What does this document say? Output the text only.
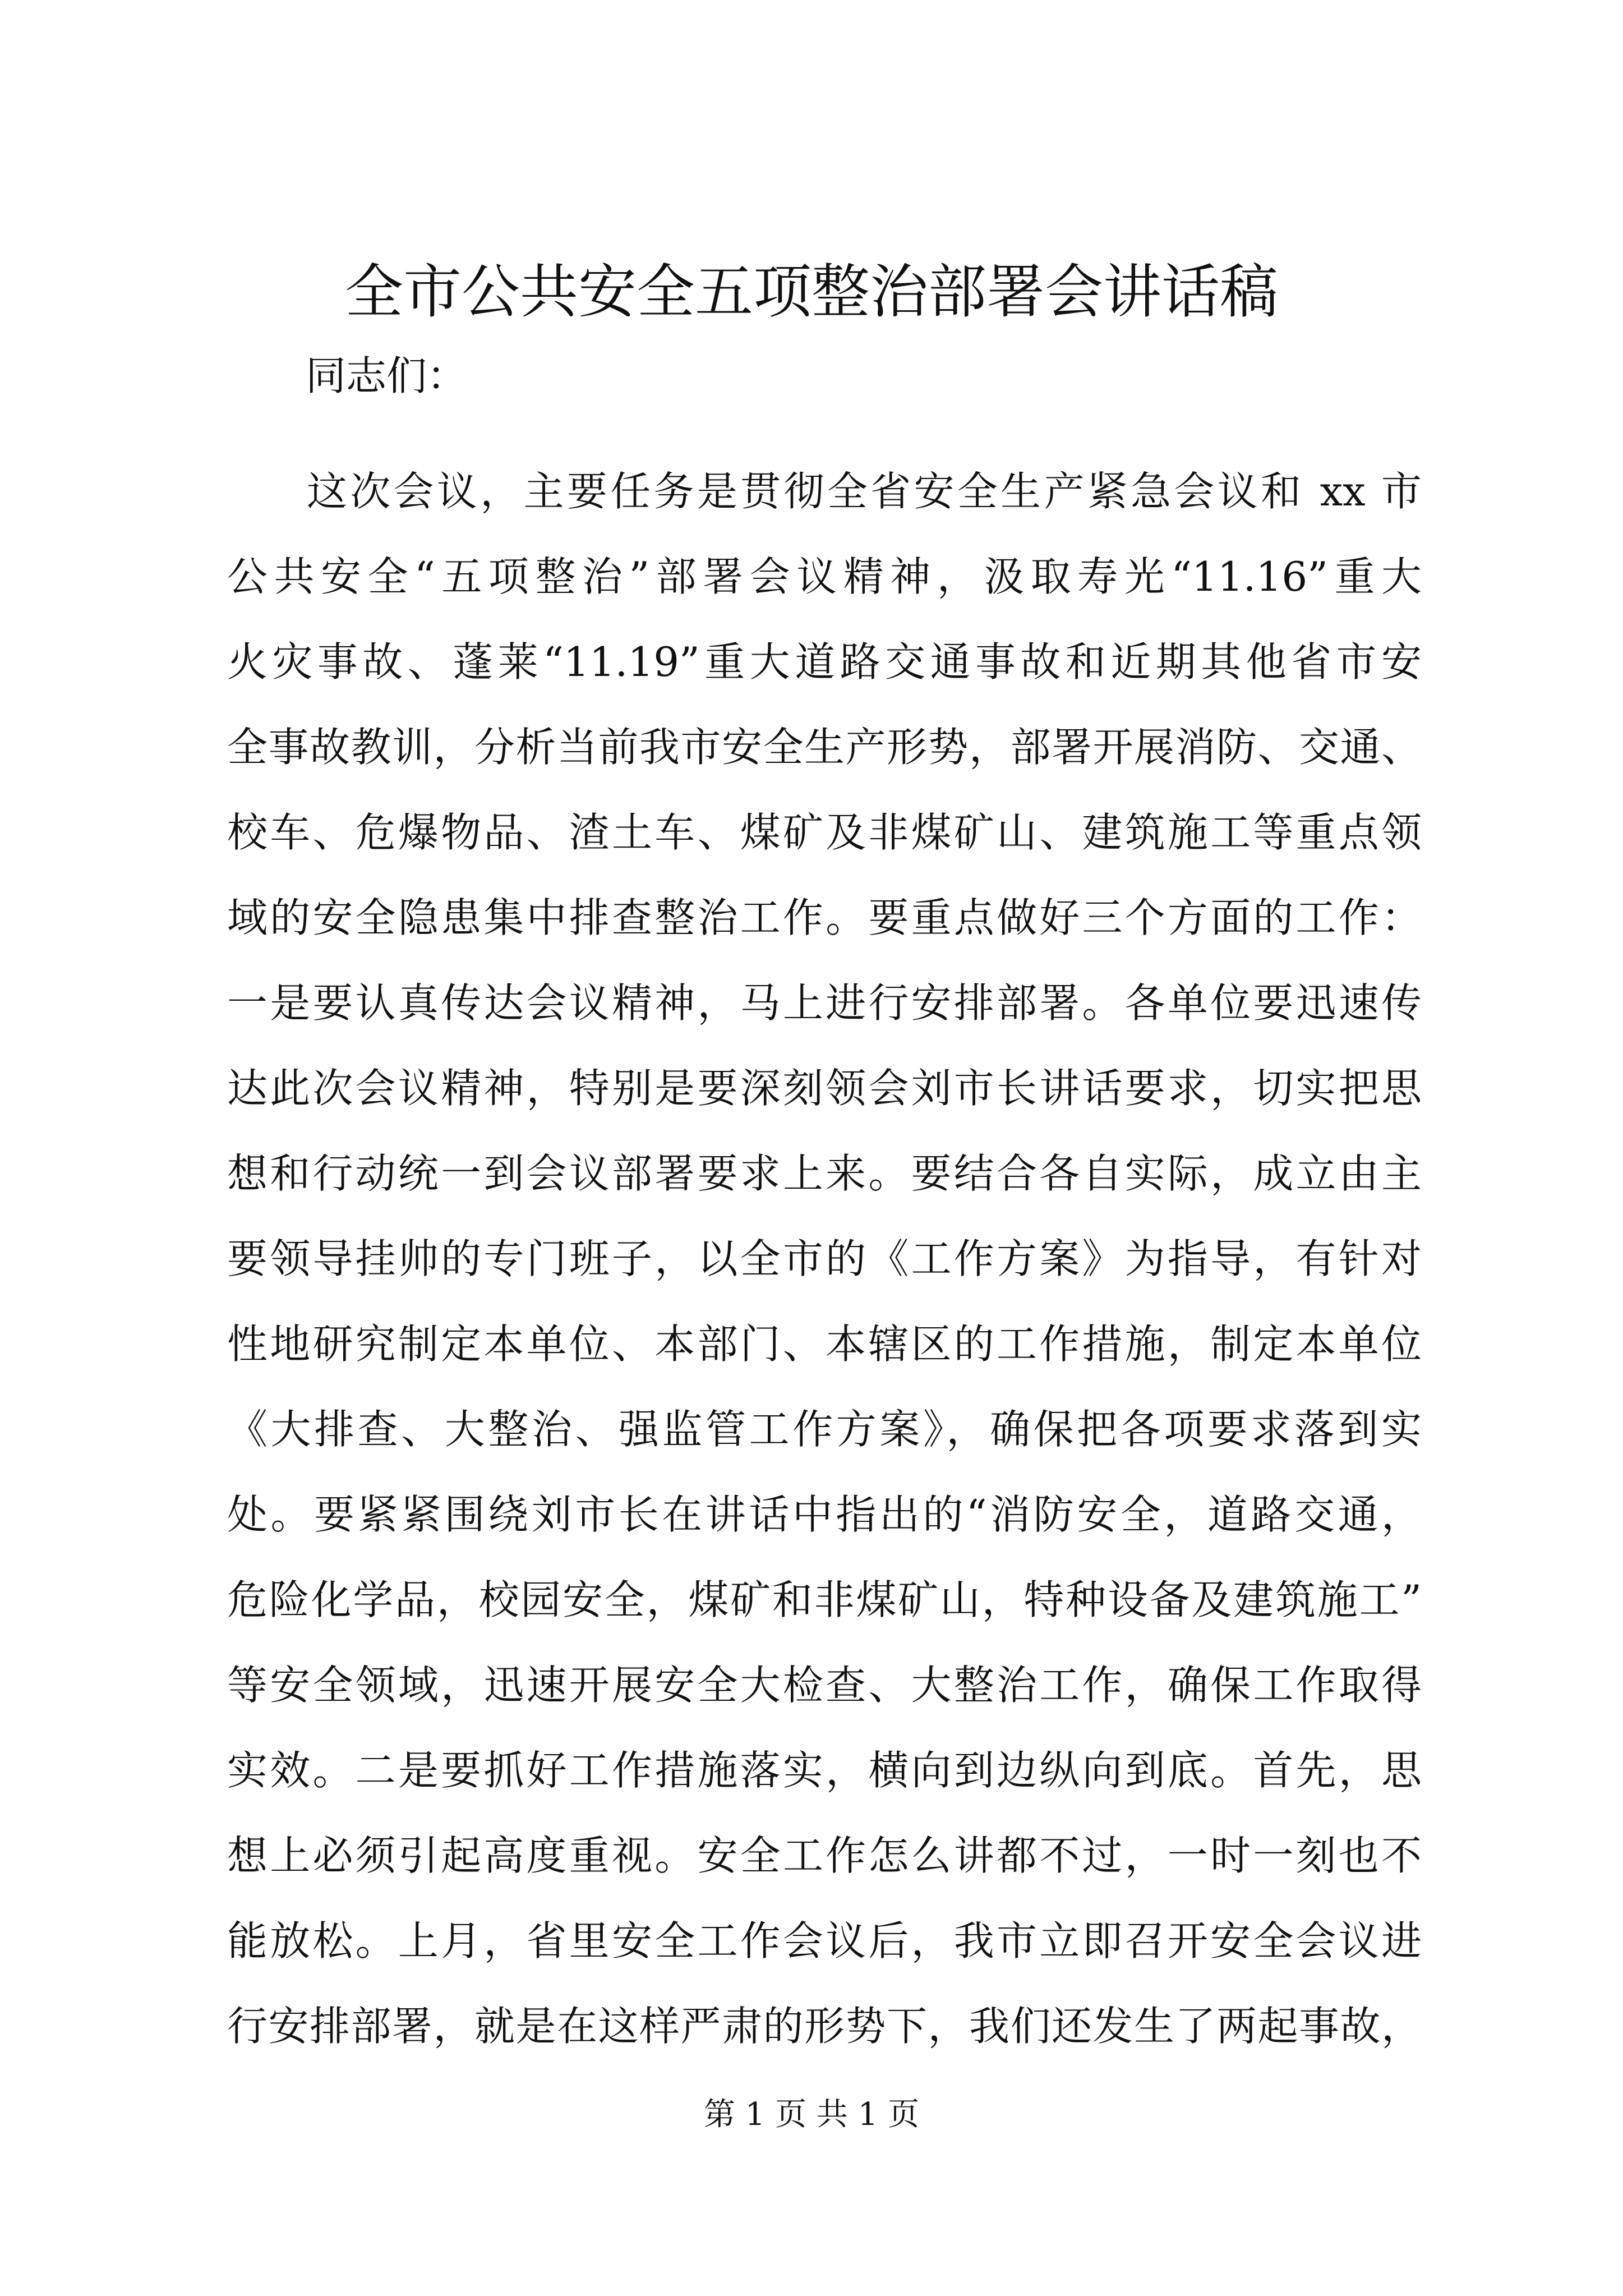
全市公共安全五项整治部署会讲话稿

同志们：

这次会议，主要任务是贯彻全省安全生产紧急会议和 xx 市
公共安全“五项整治”部署会议精神，汲取寿光“11.16”重大
火灾事故、蓬莱“11.19”重大道路交通事故和近期其他省市安
全事故教训，分析当前我市安全生产形势，部署开展消防、交通、
校车、危爆物品、渣土车、煤矿及非煤矿山、建筑施工等重点领
域的安全隐患集中排查整治工作。要重点做好三个方面的工作：
一是要认真传达会议精神，马上进行安排部署。各单位要迅速传
达此次会议精神，特别是要深刻领会刘市长讲话要求，切实把思
想和行动统一到会议部署要求上来。要结合各自实际，成立由主
要领导挂帅的专门班子，以全市的《工作方案》为指导，有针对
性地研究制定本单位、本部门、本辖区的工作措施，制定本单位
《大排查、大整治、强监管工作方案》，确保把各项要求落到实
处。要紧紧围绕刘市长在讲话中指出的“消防安全，道路交通，
危险化学品，校园安全，煤矿和非煤矿山，特种设备及建筑施工”
等安全领域，迅速开展安全大检查、大整治工作，确保工作取得
实效。二是要抓好工作措施落实，横向到边纵向到底。首先，思
想上必须引起高度重视。安全工作怎么讲都不过，一时一刻也不
能放松。上月，省里安全工作会议后，我市立即召开安全会议进
行安排部署，就是在这样严肃的形势下，我们还发生了两起事故，
第 1 页 共 1 页
